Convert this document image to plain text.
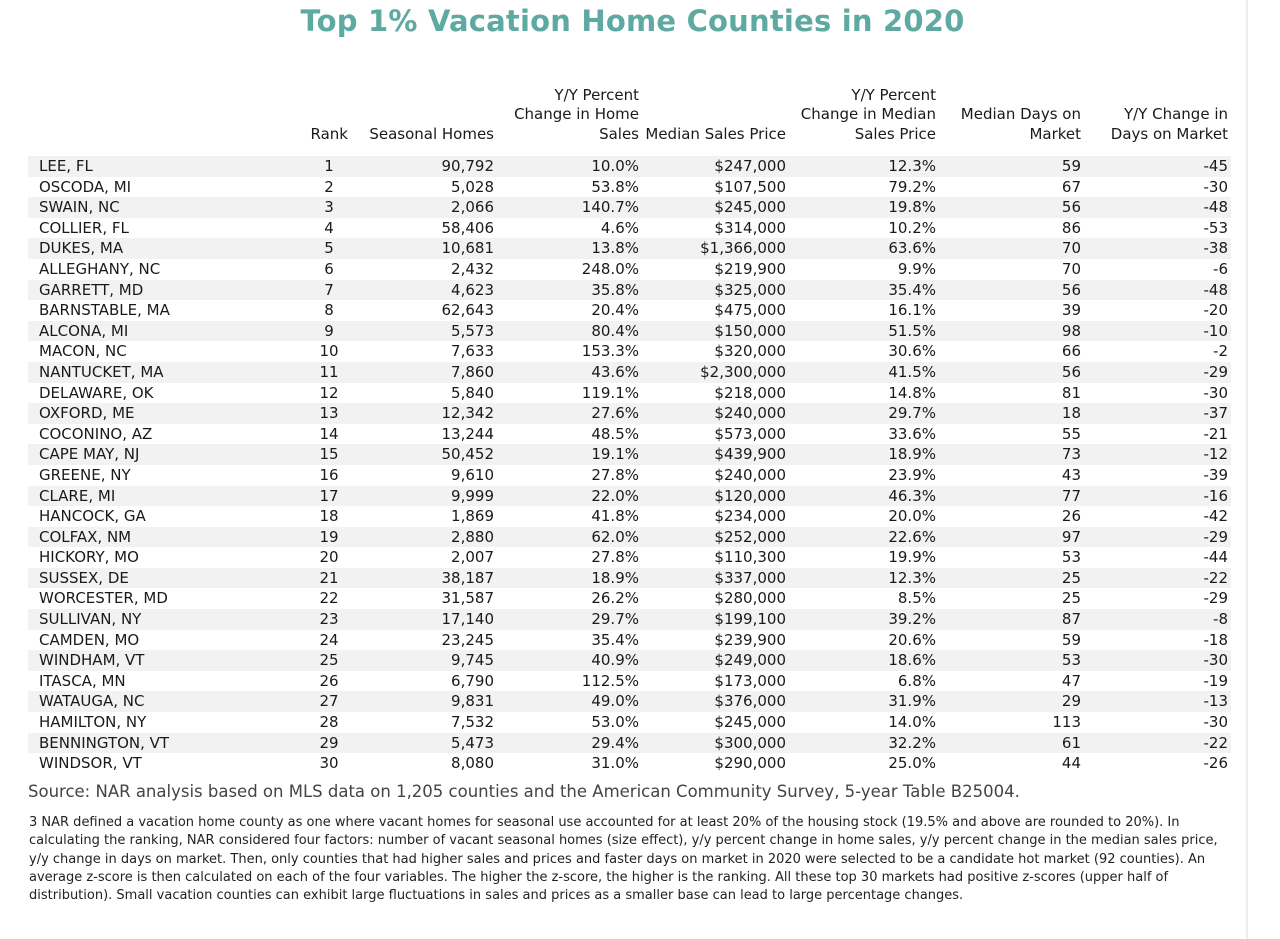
Top 1% Vacation Home Counties in 2020
	Rank	Seasonal Homes	Y/Y Percent Change in Home Sales	Median Sales Price	Y/Y Percent Change in Median Sales Price	Median Days on Market	Y/Y Change in Days on Market
LEE, FL	1	90,792	10.0%	$247,000	12.3%	59	-45
OSCODA, MI	2	5,028	53.8%	$107,500	79.2%	67	-30
SWAIN, NC	3	2,066	140.7%	$245,000	19.8%	56	-48
COLLIER, FL	4	58,406	4.6%	$314,000	10.2%	86	-53
DUKES, MA	5	10,681	13.8%	$1,366,000	63.6%	70	-38
ALLEGHANY, NC	6	2,432	248.0%	$219,900	9.9%	70	-6
GARRETT, MD	7	4,623	35.8%	$325,000	35.4%	56	-48
BARNSTABLE, MA	8	62,643	20.4%	$475,000	16.1%	39	-20
ALCONA, MI	9	5,573	80.4%	$150,000	51.5%	98	-10
MACON, NC	10	7,633	153.3%	$320,000	30.6%	66	-2
NANTUCKET, MA	11	7,860	43.6%	$2,300,000	41.5%	56	-29
DELAWARE, OK	12	5,840	119.1%	$218,000	14.8%	81	-30
OXFORD, ME	13	12,342	27.6%	$240,000	29.7%	18	-37
COCONINO, AZ	14	13,244	48.5%	$573,000	33.6%	55	-21
CAPE MAY, NJ	15	50,452	19.1%	$439,900	18.9%	73	-12
GREENE, NY	16	9,610	27.8%	$240,000	23.9%	43	-39
CLARE, MI	17	9,999	22.0%	$120,000	46.3%	77	-16
HANCOCK, GA	18	1,869	41.8%	$234,000	20.0%	26	-42
COLFAX, NM	19	2,880	62.0%	$252,000	22.6%	97	-29
HICKORY, MO	20	2,007	27.8%	$110,300	19.9%	53	-44
SUSSEX, DE	21	38,187	18.9%	$337,000	12.3%	25	-22
WORCESTER, MD	22	31,587	26.2%	$280,000	8.5%	25	-29
SULLIVAN, NY	23	17,140	29.7%	$199,100	39.2%	87	-8
CAMDEN, MO	24	23,245	35.4%	$239,900	20.6%	59	-18
WINDHAM, VT	25	9,745	40.9%	$249,000	18.6%	53	-30
ITASCA, MN	26	6,790	112.5%	$173,000	6.8%	47	-19
WATAUGA, NC	27	9,831	49.0%	$376,000	31.9%	29	-13
HAMILTON, NY	28	7,532	53.0%	$245,000	14.0%	113	-30
BENNINGTON, VT	29	5,473	29.4%	$300,000	32.2%	61	-22
WINDSOR, VT	30	8,080	31.0%	$290,000	25.0%	44	-26
Source: NAR analysis based on MLS data on 1,205 counties and the American Community Survey, 5-year Table B25004.
3 NAR defined a vacation home county as one where vacant homes for seasonal use accounted for at least 20% of the housing stock (19.5% and above are rounded to 20%). In calculating the ranking, NAR considered four factors: number of vacant seasonal homes (size effect), y/y percent change in home sales, y/y percent change in the median sales price, y/y change in days on market. Then, only counties that had higher sales and prices and faster days on market in 2020 were selected to be a candidate hot market (92 counties). An average z-score is then calculated on each of the four variables. The higher the z-score, the higher is the ranking. All these top 30 markets had positive z-scores (upper half of distribution). Small vacation counties can exhibit large fluctuations in sales and prices as a smaller base can lead to large percentage changes.
